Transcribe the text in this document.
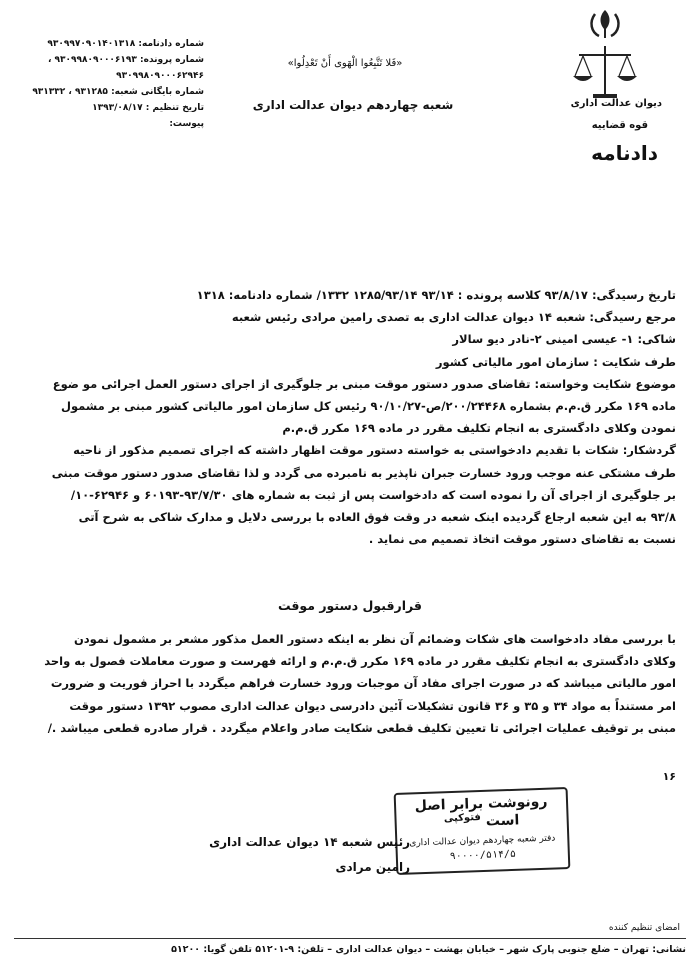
دیوان عدالت اداری
قوه قضاییه
دادنامه
«فَلا تَتَّبِعُوا الْهَوى أَنْ تَعْدِلُوا»
شعبه چهاردهم دیوان عدالت اداری
شماره دادنامه: ۹۳۰۹۹۷۰۹۰۱۴۰۱۳۱۸
شماره پرونده: ۹۳۰۹۹۸۰۹۰۰۰۶۱۹۳ ،
۹۳۰۹۹۸۰۹۰۰۰۶۲۹۴۶
شماره بایگانی شعبه: ۹۳۱۲۸۵ ، ۹۳۱۳۳۲
تاریخ تنظیم : ۱۳۹۳/۰۸/۱۷
پیوست:
تاریخ رسیدگی: ۹۳/۸/۱۷ کلاسه پرونده : ۹۳/۱۴ ۱۲۸۵/۹۳/۱۴ ۱۳۳۲/ شماره دادنامه: ۱۳۱۸
مرجع رسیدگی: شعبه ۱۴ دیوان عدالت اداری به تصدی رامین مرادی رئیس شعبه
شاکی: ۱- عیسی امینی ۲-نادر دیو سالار
طرف شکایت : سازمان امور مالیاتی کشور
موضوع شکایت وخواسته: تقاضای صدور دستور موقت مبنی بر جلوگیری از اجرای دستور العمل اجرائی مو ضوع
ماده ۱۶۹ مکرر ق.م.م بشماره ۲۰۰/۲۴۴۶۸/ص-۹۰/۱۰/۲۷ رئیس کل سازمان امور مالیاتی کشور مبنی بر مشمول
نمودن وکلای دادگستری به انجام تکلیف مقرر در ماده ۱۶۹ مکرر ق.م.م
گردشکار: شکات با تقدیم دادخواستی به خواسته دستور موقت اظهار داشته که اجرای تصمیم مذکور از ناحیه
طرف مشتکی عنه موجب ورود خسارت جبران ناپذیر به نامبرده می گردد و لذا تقاضای صدور دستور موقت مبنی
بر جلوگیری از اجرای آن را نموده است که دادخواست پس از ثبت به شماره های ۹۳/۷/۳۰-۶۰۱۹۳ و ۶۲۹۴۶-۱۰/
۹۳/۸ به این شعبه ارجاع گردیده اینک شعبه در وقت فوق العاده با بررسی دلایل و مدارک شاکی به شرح آتی
نسبت به تقاضای دستور موقت اتخاذ تصمیم می نماید .
قرارقبول دستور موقت
با بررسی مفاد دادخواست های شکات وضمائم آن نظر به اینکه دستور العمل مذکور مشعر بر مشمول نمودن
وکلای دادگستری به انجام تکلیف مقرر در ماده ۱۶۹ مکرر ق.م.م و ارائه فهرست و صورت معاملات فصول به واحد
امور مالیاتی میباشد که در صورت اجرای مفاد آن موجبات ورود خسارت فراهم میگردد با احراز فوریت و ضرورت
امر مستنداً به مواد ۳۴ و ۳۵ و ۳۶ قانون تشکیلات آئین دادرسی دیوان عدالت اداری مصوب ۱۳۹۲ دستور موقت
مبنی بر توقیف عملیات اجرائی تا تعیین تکلیف قطعی شکایت صادر واعلام میگردد . قرار صادره قطعی میباشد ./
۱۶
رونوشت برابر اصل است $^{فتوکپی}$
دفتر شعبه چهاردهم دیوان عدالت اداری
۹۰۰۰۰/۵۱۴/۵
رئیس شعبه ۱۴ دیوان عدالت اداری
رامین مرادی
امضای تنظیم کننده
نشانی: تهران – ضلع جنوبی پارک شهر – خیابان بهشت – دیوان عدالت اداری – تلفن: ۹-۵۱۲۰۱ تلفن گویا: ۵۱۲۰۰
